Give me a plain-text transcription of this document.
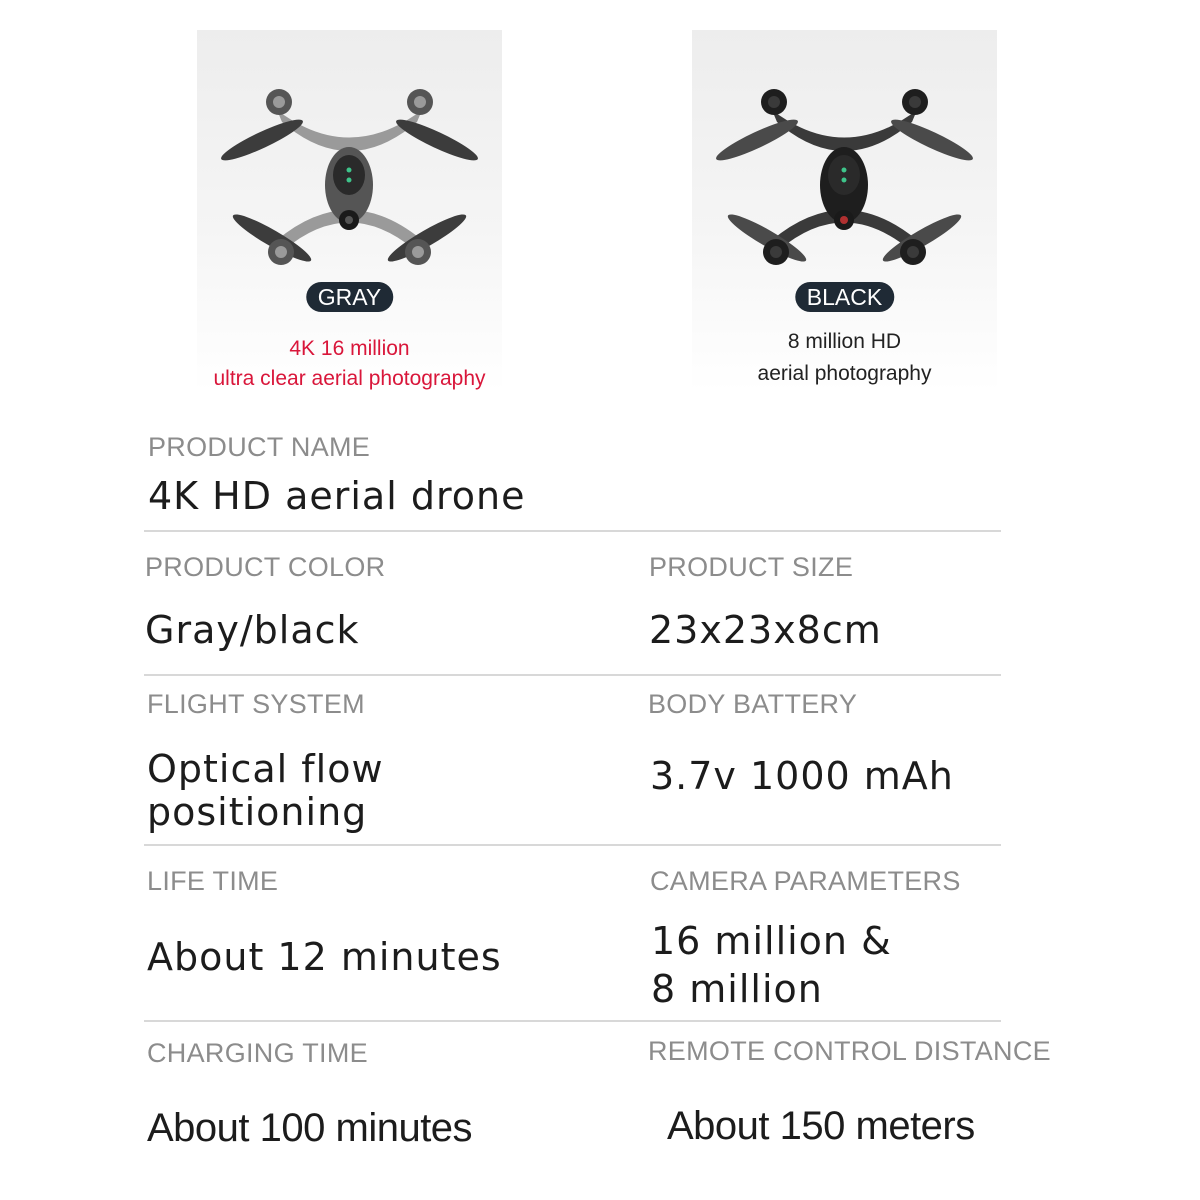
GRAY
4K 16 million
ultra clear aerial photography
BLACK
8 million HD
aerial photography
PRODUCT NAME
4K HD aerial drone
PRODUCT COLOR
Gray/black
PRODUCT SIZE
23x23x8cm
FLIGHT SYSTEM
Optical flow
positioning
BODY BATTERY
3.7v 1000 mAh
LIFE TIME
About 12 minutes
CAMERA PARAMETERS
16 million &
8 million
CHARGING TIME
About 100 minutes
REMOTE CONTROL DISTANCE
About 150 meters
